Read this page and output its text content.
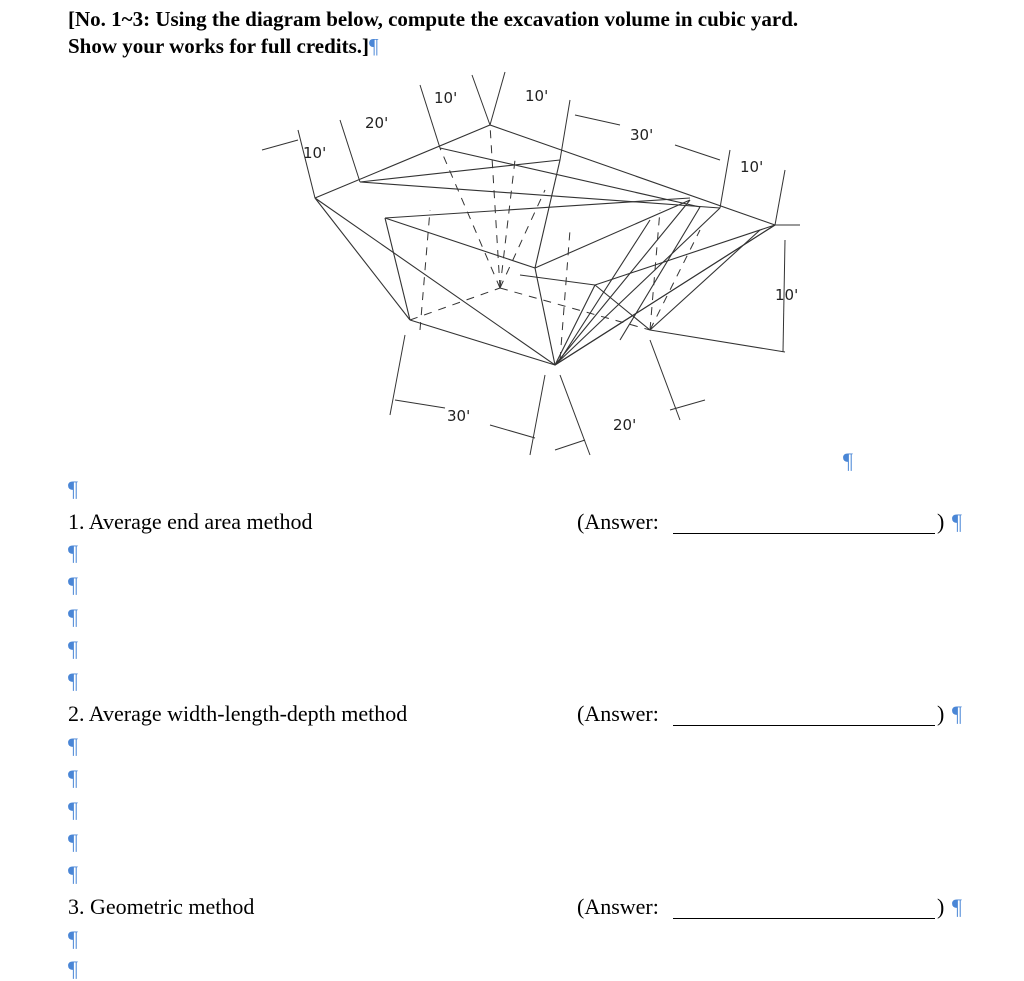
[No. 1~3: Using the diagram below, compute the excavation volume in cubic yard.
Show your works for full credits.]¶
10'
20'
10'	10'
30'
10'
10'
30'	20'
¶
¶
1. Average end area method	(Answer:	) ¶
¶
¶
¶
¶
¶
2. Average width-length-depth method	(Answer:	) ¶
¶
¶
¶
¶
¶
3. Geometric method	(Answer:	) ¶
¶
¶
